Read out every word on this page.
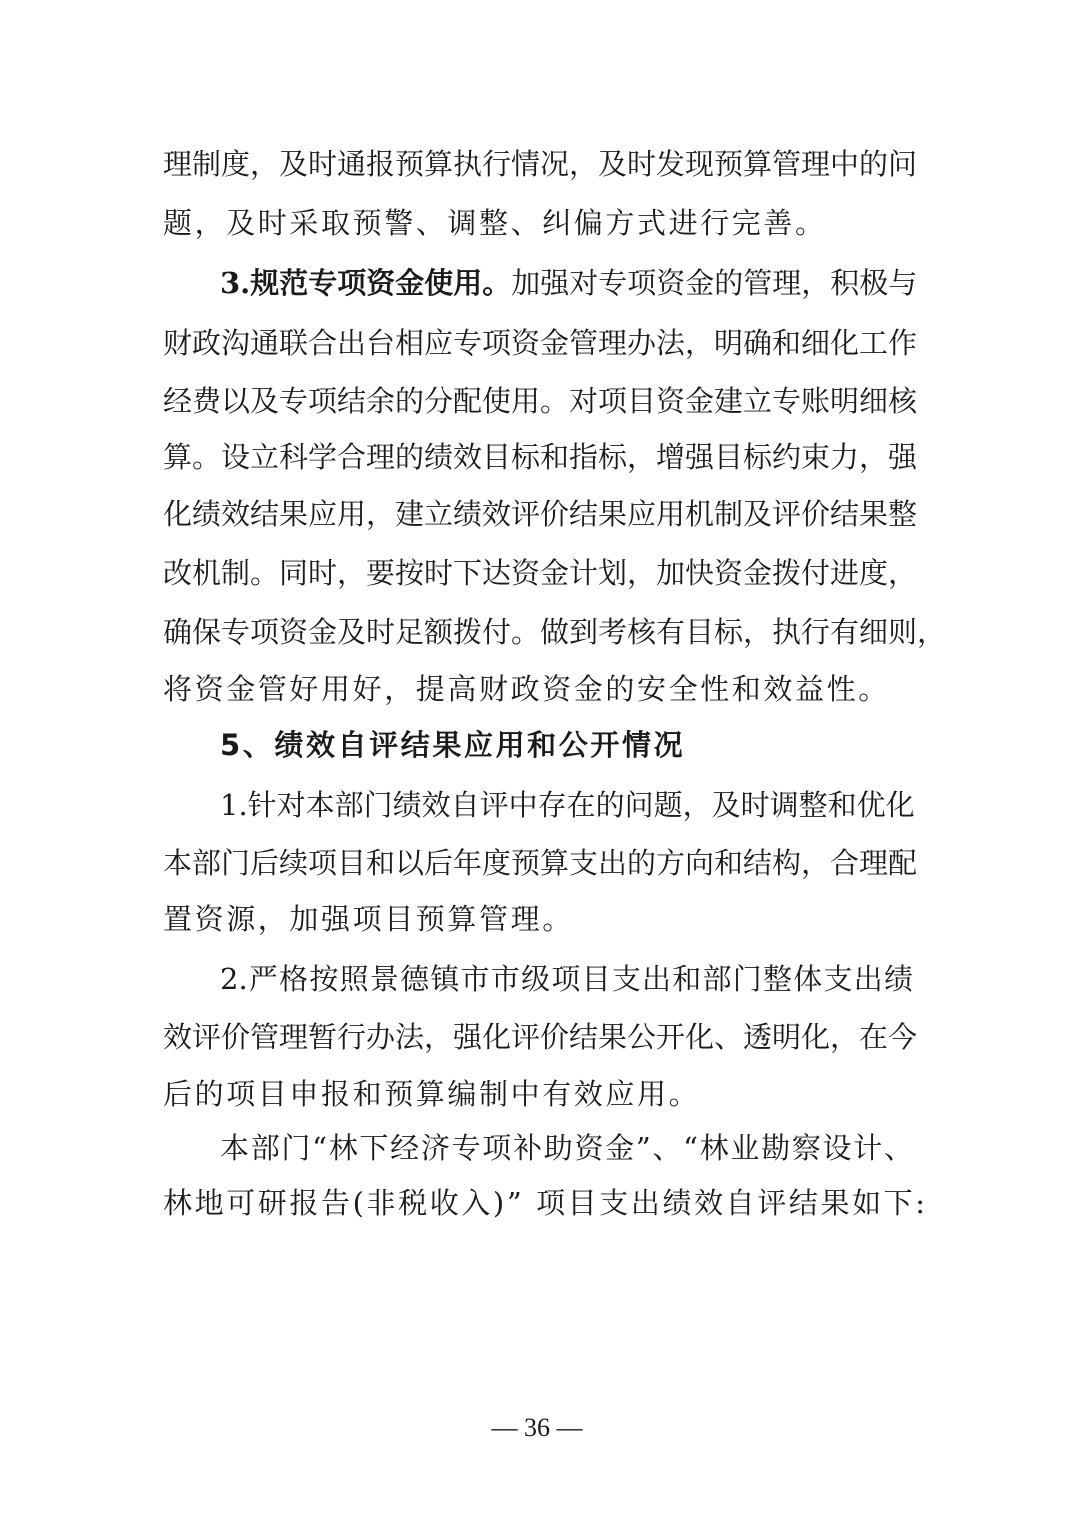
理制度，及时通报预算执行情况，及时发现预算管理中的问
题，及时采取预警、调整、纠偏方式进行完善。
3.规范专项资金使用。加强对专项资金的管理，积极与
财政沟通联合出台相应专项资金管理办法，明确和细化工作
经费以及专项结余的分配使用。对项目资金建立专账明细核
算。设立科学合理的绩效目标和指标，增强目标约束力，强
化绩效结果应用，建立绩效评价结果应用机制及评价结果整
改机制。同时，要按时下达资金计划，加快资金拨付进度，
确保专项资金及时足额拨付。做到考核有目标，执行有细则，
将资金管好用好，提高财政资金的安全性和效益性。
5、绩效自评结果应用和公开情况
1.针对本部门绩效自评中存在的问题，及时调整和优化
本部门后续项目和以后年度预算支出的方向和结构，合理配
置资源，加强项目预算管理。
2.严格按照景德镇市市级项目支出和部门整体支出绩
效评价管理暂行办法，强化评价结果公开化、透明化，在今
后的项目申报和预算编制中有效应用。
本部门“林下经济专项补助资金”、“林业勘察设计、
林地可研报告(非税收入)” 项目支出绩效自评结果如下:
— 36 —
